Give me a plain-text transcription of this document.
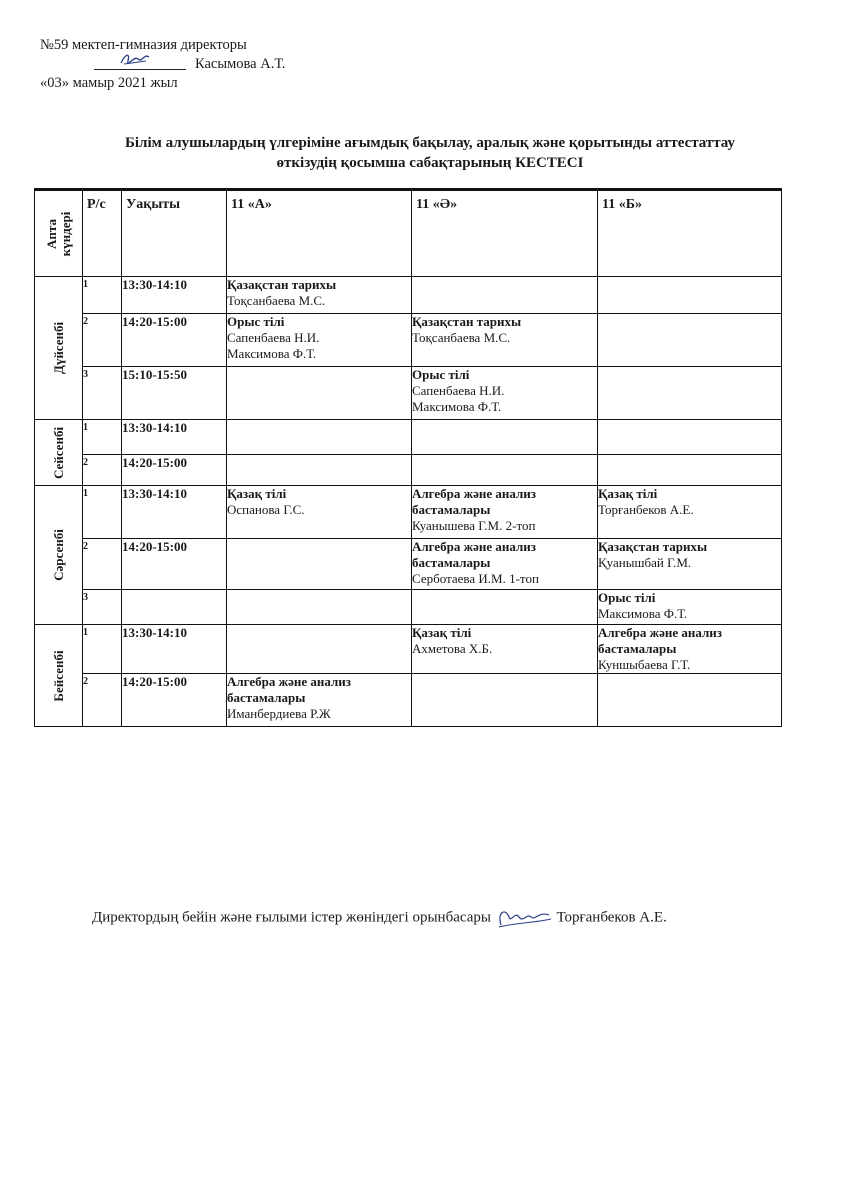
№59 мектеп-гимназия директоры
Касымова А.Т.
«03» мамыр 2021 жыл
Білім алушылардың үлгеріміне ағымдық бақылау, аралық және қорытынды аттестаттау
өткізудің қосымша сабақтарының КЕСТЕСІ
Апта күндері	Р/с	Уақыты	11 «А»	11 «Ә»	11 «Б»

Дүйсенбі	1	13:30-14:10	Қазақстан тарихы
Тоқсанбаева М.С.		

	2	14:20-15:00	Орыс тілі
Сапенбаева Н.И.
Максимова Ф.Т.	Қазақстан тарихы
Тоқсанбаева М.С.	

	3	15:10-15:50		Орыс тілі
Сапенбаева Н.И.
Максимова Ф.Т.	

Сейсенбі	1	13:30-14:10			
	2	14:20-15:00			

Сәрсенбі	1	13:30-14:10	Қазақ тілі
Оспанова Г.С.	Алгебра және анализ бастамалары
Куанышева Г.М. 2-топ	Қазақ тілі
Торғанбеков А.Е.

	2	14:20-15:00		Алгебра және анализ бастамалары
Серботаева И.М. 1-топ	Қазақстан тарихы
Қуанышбай Г.М.

	3				Орыс тілі
Максимова Ф.Т.

Бейсенбі	1	13:30-14:10		Қазақ тілі
Ахметова Х.Б.	Алгебра және анализ бастамалары
Куншыбаева Г.Т.

	2	14:20-15:00	Алгебра және анализ бастамалары
Иманбердиева Р.Ж		

Директордың бейін және ғылыми істер жөніндегі орынбасары	Торғанбеков А.Е.
